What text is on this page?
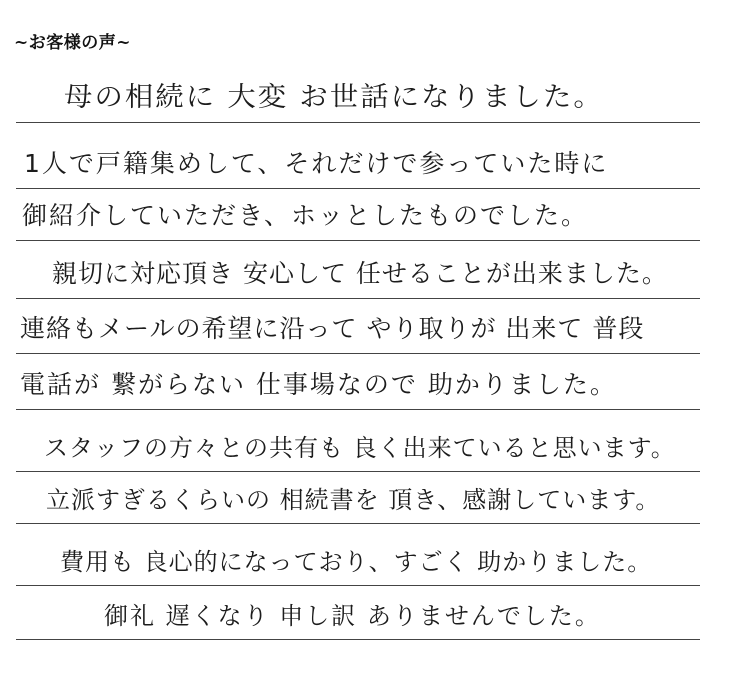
~お客様の声~
母の相続に 大変 お世話になりました。
1人で戸籍集めして、それだけで参っていた時に
御紹介していただき、ホッとしたものでした。
親切に対応頂き 安心して 任せることが出来ました。
連絡もメールの希望に沿って やり取りが 出来て 普段
電話が 繋がらない 仕事場なので 助かりました。
スタッフの方々との共有も 良く出来ていると思います。
立派すぎるくらいの 相続書を 頂き、感謝しています。
費用も 良心的になっており、すごく 助かりました。
御礼 遅くなり 申し訳 ありませんでした。
